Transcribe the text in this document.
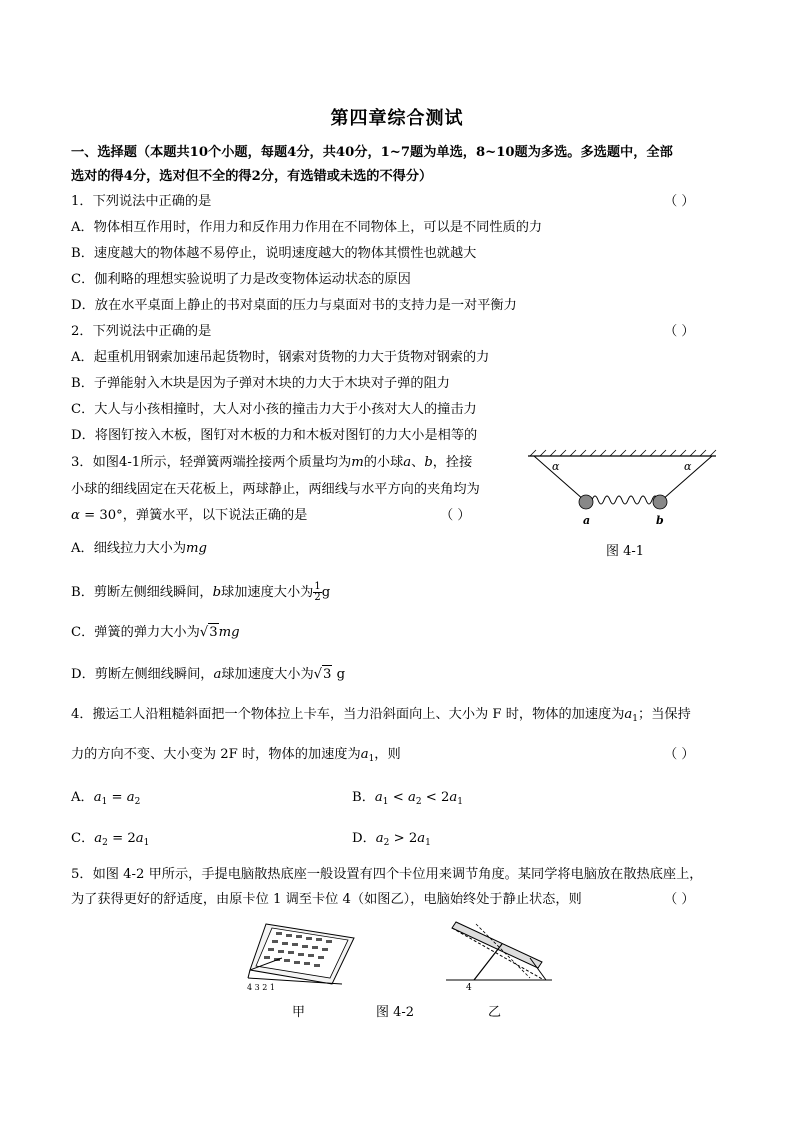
第四章综合测试
一、选择题（本题共10个小题，每题4分，共40分，1~7题为单选，8~10题为多选。多选题中，全部
选对的得4分，选对但不全的得2分，有选错或未选的不得分）
1．下列说法中正确的是	（ ）
A．物体相互作用时，作用力和反作用力作用在不同物体上，可以是不同性质的力
B．速度越大的物体越不易停止，说明速度越大的物体其惯性也就越大
C．伽利略的理想实验说明了力是改变物体运动状态的原因
D．放在水平桌面上静止的书对桌面的压力与桌面对书的支持力是一对平衡力
2．下列说法中正确的是	（ ）
A．起重机用钢索加速吊起货物时，钢索对货物的力大于货物对钢索的力
B．子弹能射入木块是因为子弹对木块的力大于木块对子弹的阻力
C．大人与小孩相撞时，大人对小孩的撞击力大于小孩对大人的撞击力
D．将图钉按入木板，图钉对木板的力和木板对图钉的力大小是相等的
3．如图4-1所示，轻弹簧两端拴接两个质量均为m的小球a、b，拴接
小球的细线固定在天花板上，两球静止，两细线与水平方向的夹角均为
α = 30°，弹簧水平，以下说法正确的是	（ ）
α	α
a	b
图 4-1
A．细线拉力大小为mg
B．剪断左侧细线瞬间，b球加速度大小为 $\frac{1}{2}$ g
C．弹簧的弹力大小为√3mg
D．剪断左侧细线瞬间，a球加速度大小为√3 g
4．搬运工人沿粗糙斜面把一个物体拉上卡车，当力沿斜面向上、大小为 F 时，物体的加速度为$a_1$；当保持
力的方向不变、大小变为 2F 时，物体的加速度为$a_1$，则	（ ）
A．$a_1 = a_2$	B．$a_1 < a_2 < 2a_1$
C．$a_2 = 2a_1$	D．$a_2 > 2a_1$
5．如图 4-2 甲所示，手提电脑散热底座一般设置有四个卡位用来调节角度。某同学将电脑放在散热底座上，
为了获得更好的舒适度，由原卡位 1 调至卡位 4（如图乙），电脑始终处于静止状态，则	（ ）
4 3 2 1	4
甲	图 4-2	乙
